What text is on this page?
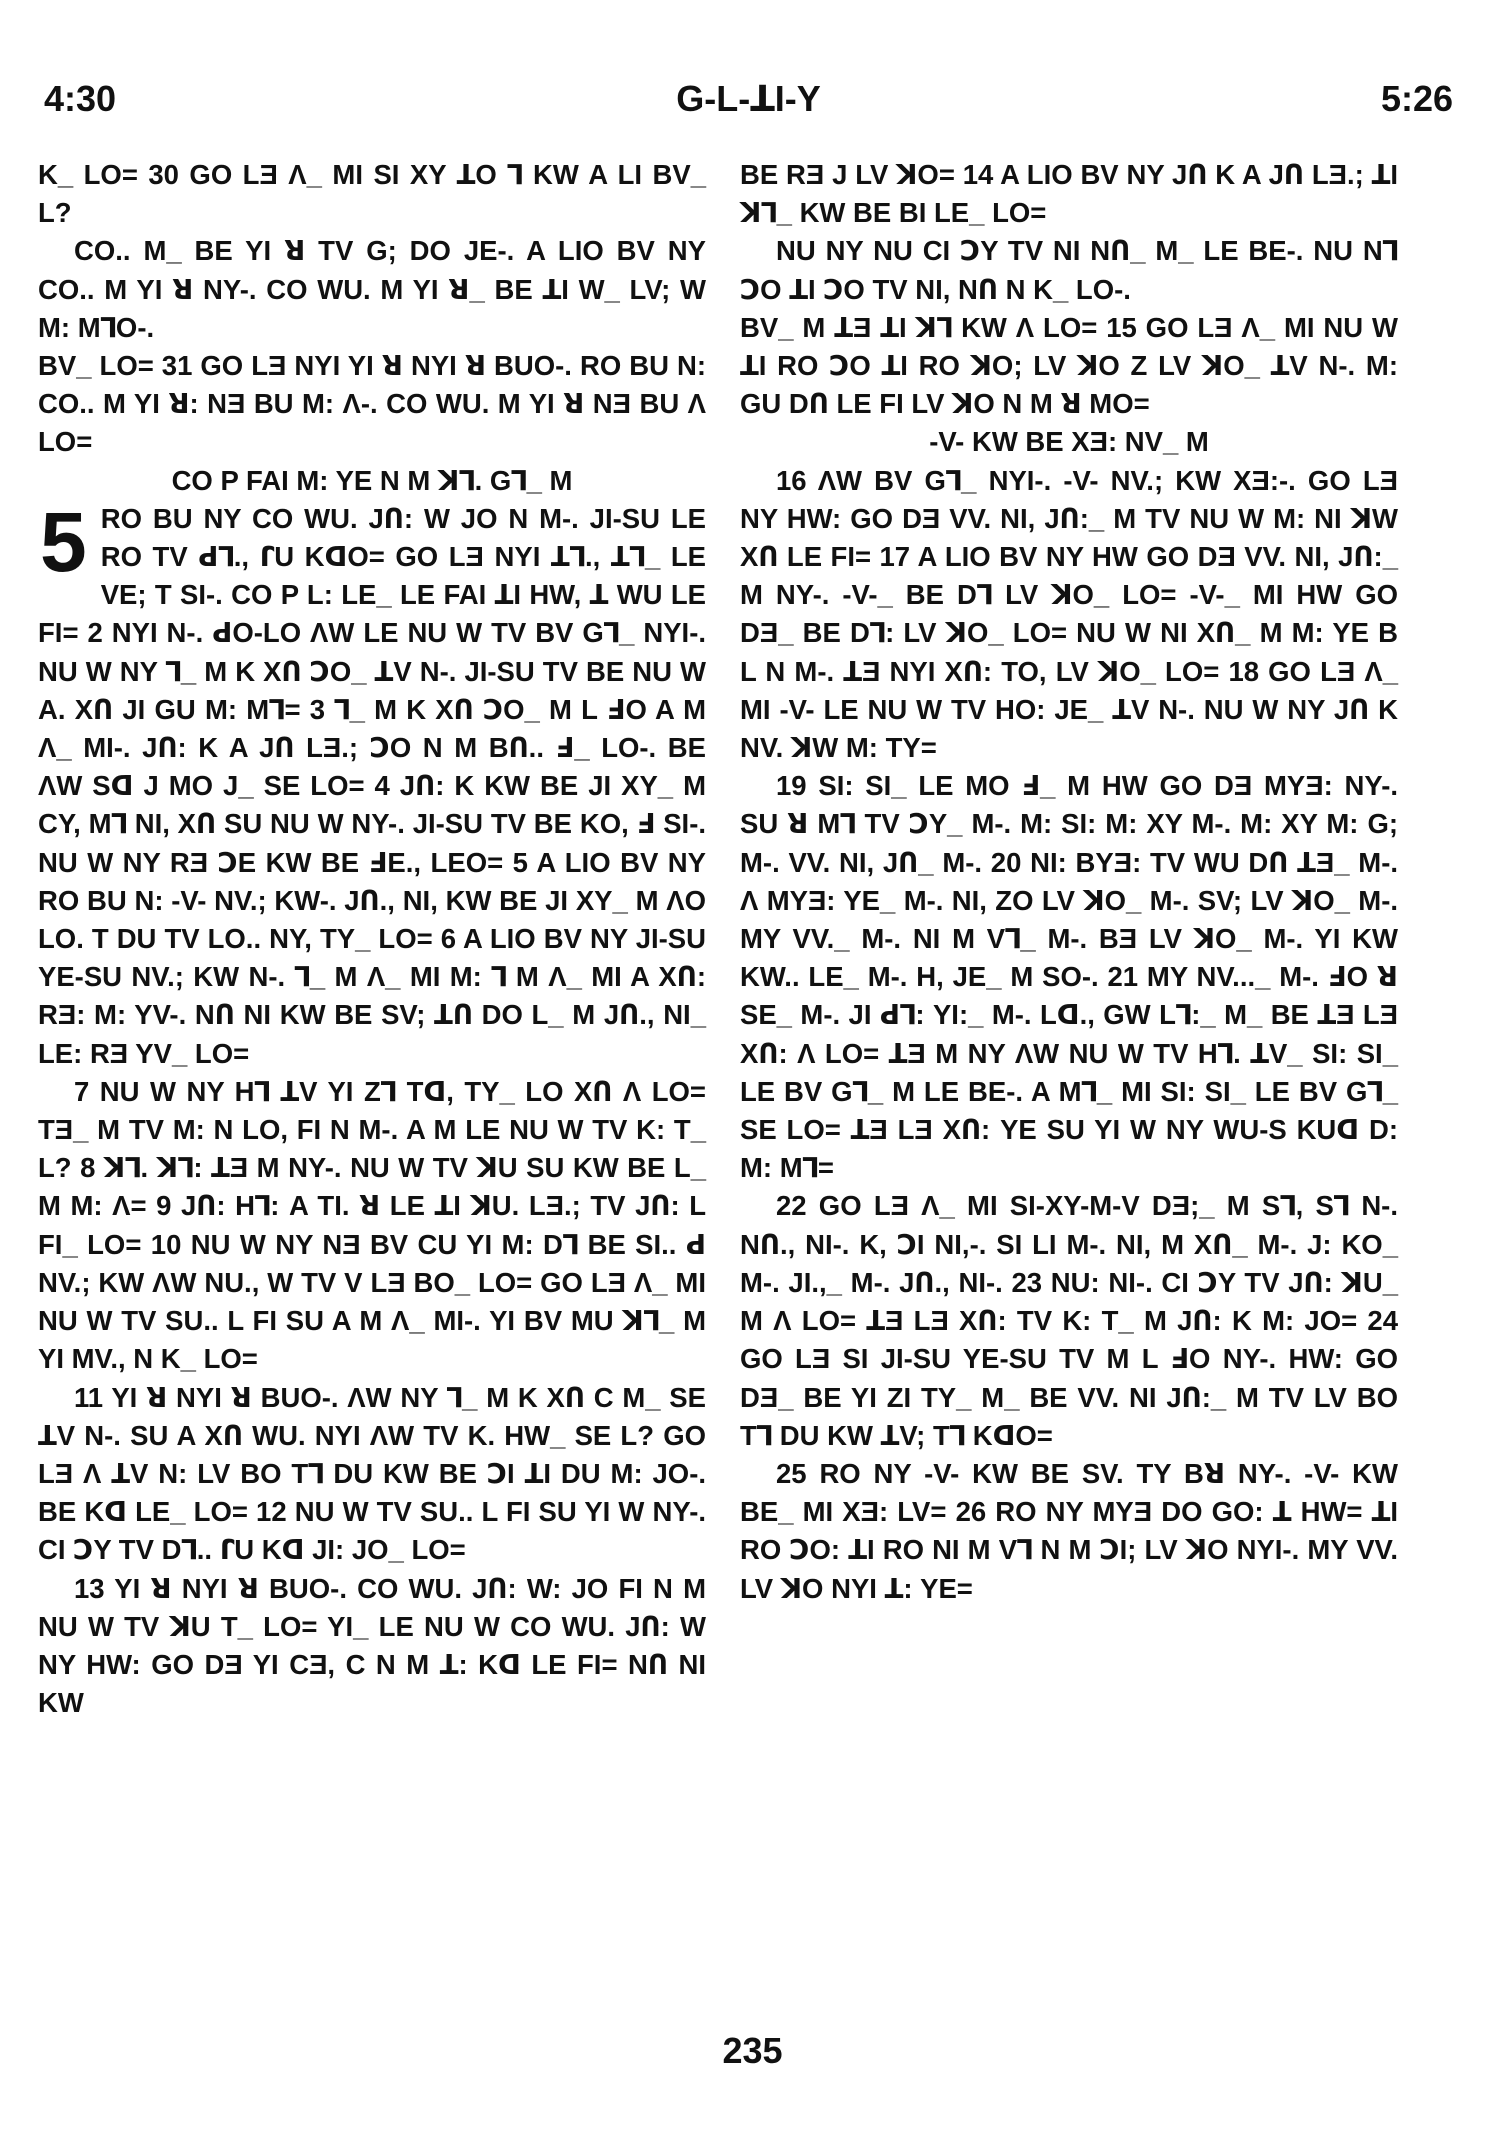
4:30	G-L-ꓕI-Y	5:26

K_ LO= 30 GO LƎ Λ_ MI SI XY ꓕO ꓶ KW A LI BV_ L?

CO.. M_ BE YI ꓤ TV G; DO JE-. A LIO BV NY CO.. M YI ꓤ NY-. CO WU. M YI ꓤ_ BE ꓕI W_ LV; W M: MꓶO-.

BV_ LO= 31 GO LƎ NYI YI ꓤ NYI ꓤ BUO-. RO BU N: CO.. M YI ꓤ: NƎ BU M: Λ-. CO WU. M YI ꓤ NƎ BU Λ LO=

CO P FAI M: YE N M ꓘꓶ. Gꓶ_ M

5 RO BU NY CO WU. JՈ: W JO N M-. JI-SU LE RO TV ꓒꓶ., ꓩU KꓷO= GO LƎ NYI ꓕꓶ., ꓕꓶ_ LE VE; T SI-. CO P L: LE_ LE FAI ꓕI HW, ꓕ WU LE FI= 2 NYI N-. ꓒO-LO ΛW LE NU W TV BV Gꓶ_ NYI-. NU W NY ꓶ_ M K XՈ ꓛO_ ꓕV N-. JI-SU TV BE NU W A. XՈ JI GU M: Mꓶ= 3 ꓶ_ M K XՈ ꓛO_ M L ꓞO A M Λ_ MI-. JՈ: K A JՈ LƎ.; ꓛO N M BՈ.. ꓞ_ LO-. BE ΛW Sꓷ J MO J_ SE LO= 4 JՈ: K KW BE JI XY_ M CY, Mꓶ NI, XՈ SU NU W NY-. JI-SU TV BE KO, ꓞ SI-. NU W NY RƎ ꓛE KW BE ꓞE., LEO= 5 A LIO BV NY RO BU N: -V- NV.; KW-. JՈ., NI, KW BE JI XY_ M ΛO LO. T DU TV LO.. NY, TY_ LO= 6 A LIO BV NY JI-SU YE-SU NV.; KW N-. ꓶ_ M Λ_ MI M: ꓶ M Λ_ MI A XՈ: RƎ: M: YV-. NՈ NI KW BE SV; ꓕՈ DO L_ M JՈ., NI_ LE: RƎ YV_ LO=

7 NU W NY Hꓶ ꓕV YI Zꓶ Tꓷ, TY_ LO XՈ Λ LO= TƎ_ M TV M: N LO, FI N M-. A M LE NU W TV K: T_ L? 8 ꓘꓶ. ꓘꓶ: ꓕƎ M NY-. NU W TV ꓘU SU KW BE L_ M M: Λ= 9 JՈ: Hꓶ: A TI. ꓤ LE ꓕI ꓘU. LƎ.; TV JՈ: L FI_ LO= 10 NU W NY NƎ BV CU YI M: Dꓶ BE SI.. ꓒ NV.; KW ΛW NU., W TV V LƎ BO_ LO= GO LƎ Λ_ MI NU W TV SU.. L FI SU A M Λ_ MI-. YI BV MU ꓘꓶ_ M YI MV., N K_ LO=

11 YI ꓤ NYI ꓤ BUO-. ΛW NY ꓶ_ M K XՈ C M_ SE ꓕV N-. SU A XՈ WU. NYI ΛW TV K. HW_ SE L? GO LƎ Λ ꓕV N: LV BO Tꓶ DU KW BE ꓛI ꓕI DU M: JO-. BE Kꓷ LE_ LO= 12 NU W TV SU.. L FI SU YI W NY-. CI ꓛY TV Dꓶ.. ꓩU Kꓷ JI: JO_ LO=

13 YI ꓤ NYI ꓤ BUO-. CO WU. JՈ: W: JO FI N M NU W TV ꓘU T_ LO= YI_ LE NU W CO WU. JՈ: W NY HW: GO DƎ YI CƎ, C N M ꓕ: Kꓷ LE FI= NՈ NI KW

BE RƎ J LV ꓘO= 14 A LIO BV NY JՈ K A JՈ LƎ.; ꓕI ꓘꓶ_ KW BE BI LE_ LO=

NU NY NU CI ꓛY TV NI NՈ_ M_ LE BE-. NU Nꓶ ꓛO ꓕI ꓛO TV NI, NՈ N K_ LO-.

BV_ M ꓕƎ ꓕI ꓘꓶ KW Λ LO= 15 GO LƎ Λ_ MI NU W ꓕI RO ꓛO ꓕI RO ꓘO; LV ꓘO Z LV ꓘO_ ꓕV N-. M: GU DՈ LE FI LV ꓘO N M ꓤ MO=

-V- KW BE XƎ: NV_ M

16 ΛW BV Gꓶ_ NYI-. -V- NV.; KW XƎ:-. GO LƎ NY HW: GO DƎ VV. NI, JՈ:_ M TV NU W M: NI ꓘW XՈ LE FI= 17 A LIO BV NY HW GO DƎ VV. NI, JՈ:_ M NY-. -V-_ BE Dꓶ LV ꓘO_ LO= -V-_ MI HW GO DƎ_ BE Dꓶ: LV ꓘO_ LO= NU W NI XՈ_ M M: YE B L N M-. ꓕƎ NYI XՈ: TO, LV ꓘO_ LO= 18 GO LƎ Λ_ MI -V- LE NU W TV HO: JE_ ꓕV N-. NU W NY JՈ K NV. ꓘW M: TY=

19 SI: SI_ LE MO ꓞ_ M HW GO DƎ MYƎ: NY-. SU ꓤ Mꓶ TV ꓛY_ M-. M: SI: M: XY M-. M: XY M: G; M-. VV. NI, JՈ_ M-. 20 NI: BYƎ: TV WU DՈ ꓕƎ_ M-. Λ MYƎ: YE_ M-. NI, ZO LV ꓘO_ M-. SV; LV ꓘO_ M-. MY VV._ M-. NI M Vꓶ_ M-. BƎ LV ꓘO_ M-. YI KW KW.. LE_ M-. H, JE_ M SO-. 21 MY NV..._ M-. ꓞO ꓤ SE_ M-. JI ꓒꓶ: YI:_ M-. Lꓷ., GW Lꓶ:_ M_ BE ꓕƎ LƎ XՈ: Λ LO= ꓕƎ M NY ΛW NU W TV Hꓶ. ꓕV_ SI: SI_ LE BV Gꓶ_ M LE BE-. A Mꓶ_ MI SI: SI_ LE BV Gꓶ_ SE LO= ꓕƎ LƎ XՈ: YE SU YI W NY WU-S KUꓷ D: M: Mꓶ=

22 GO LƎ Λ_ MI SI-XY-M-V DƎ;_ M Sꓶ, Sꓶ N-. NՈ., NI-. K, ꓛI NI,-. SI LI M-. NI, M XՈ_ M-. J: KO_ M-. JI.,_ M-. JՈ., NI-. 23 NU: NI-. CI ꓛY TV JՈ: ꓘU_ M Λ LO= ꓕƎ LƎ XՈ: TV K: T_ M JՈ: K M: JO= 24 GO LƎ SI JI-SU YE-SU TV M L ꓞO NY-. HW: GO DƎ_ BE YI ZI TY_ M_ BE VV. NI JՈ:_ M TV LV BO Tꓶ DU KW ꓕV; Tꓶ KꓷO=

25 RO NY -V- KW BE SV. TY Bꓤ NY-. -V- KW BE_ MI XƎ: LV= 26 RO NY MYƎ DO GO: ꓕ HW= ꓕI RO ꓛO: ꓕI RO NI M Vꓶ N M ꓛI; LV ꓘO NYI-. MY VV. LV ꓘO NYI ꓕ: YE=

235
